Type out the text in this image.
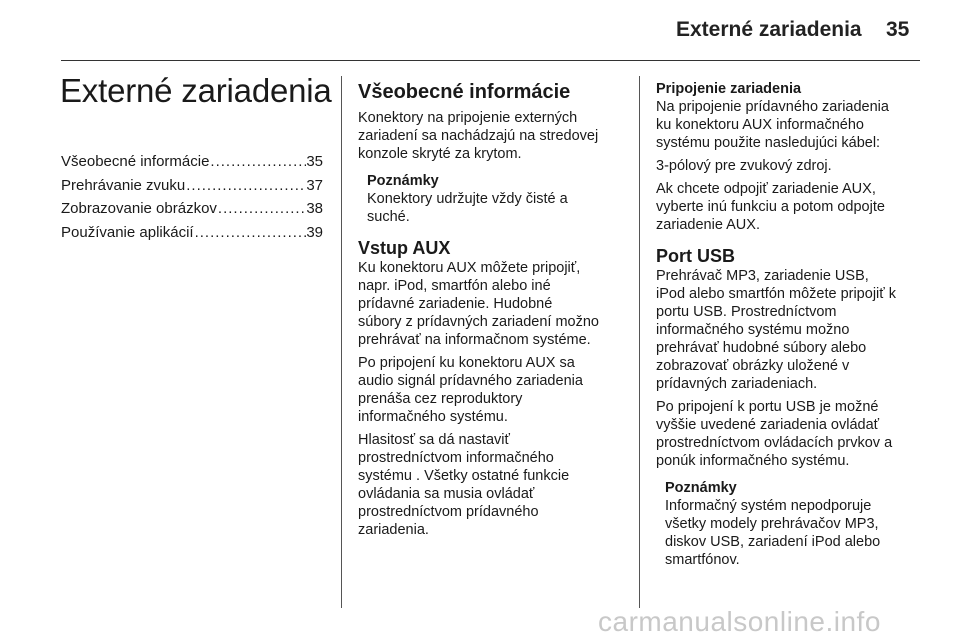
Externé zariadenia 35
Externé zariadenia
Všeobecné informácie .....	35
Prehrávanie zvuku .....	37
Zobrazovanie obrázkov .....	38
Používanie aplikácií .....	39
Všeobecné informácie

Konektory na pripojenie externých
zariadení sa nachádzajú na stredovej
konzole skryté za krytom.

Poznámky

Konektory udržujte vždy čisté a
suché.

Vstup AUX

Ku konektoru AUX môžete pripojiť,
napr. iPod, smartfón alebo iné
prídavné zariadenie. Hudobné
súbory z prídavných zariadení možno
prehrávať na informačnom systéme.

Po pripojení ku konektoru AUX sa
audio signál prídavného zariadenia
prenáša cez reproduktory
informačného systému.

Hlasitosť sa dá nastaviť
prostredníctvom informačného
systému . Všetky ostatné funkcie
ovládania sa musia ovládať
prostredníctvom prídavného
zariadenia.

Pripojenie zariadenia

Na pripojenie prídavného zariadenia
ku konektoru AUX informačného
systému použite nasledujúci kábel:

3-pólový pre zvukový zdroj.

Ak chcete odpojiť zariadenie AUX,
vyberte inú funkciu a potom odpojte
zariadenie AUX.

Port USB

Prehrávač MP3, zariadenie USB,
iPod alebo smartfón môžete pripojiť k
portu USB. Prostredníctvom
informačného systému možno
prehrávať hudobné súbory alebo
zobrazovať obrázky uložené v
prídavných zariadeniach.

Po pripojení k portu USB je možné
vyššie uvedené zariadenia ovládať
prostredníctvom ovládacích prvkov a
ponúk informačného systému.

Poznámky

Informačný systém nepodporuje
všetky modely prehrávačov MP3,
diskov USB, zariadení iPod alebo
smartfónov.

carmanualsonline.info
